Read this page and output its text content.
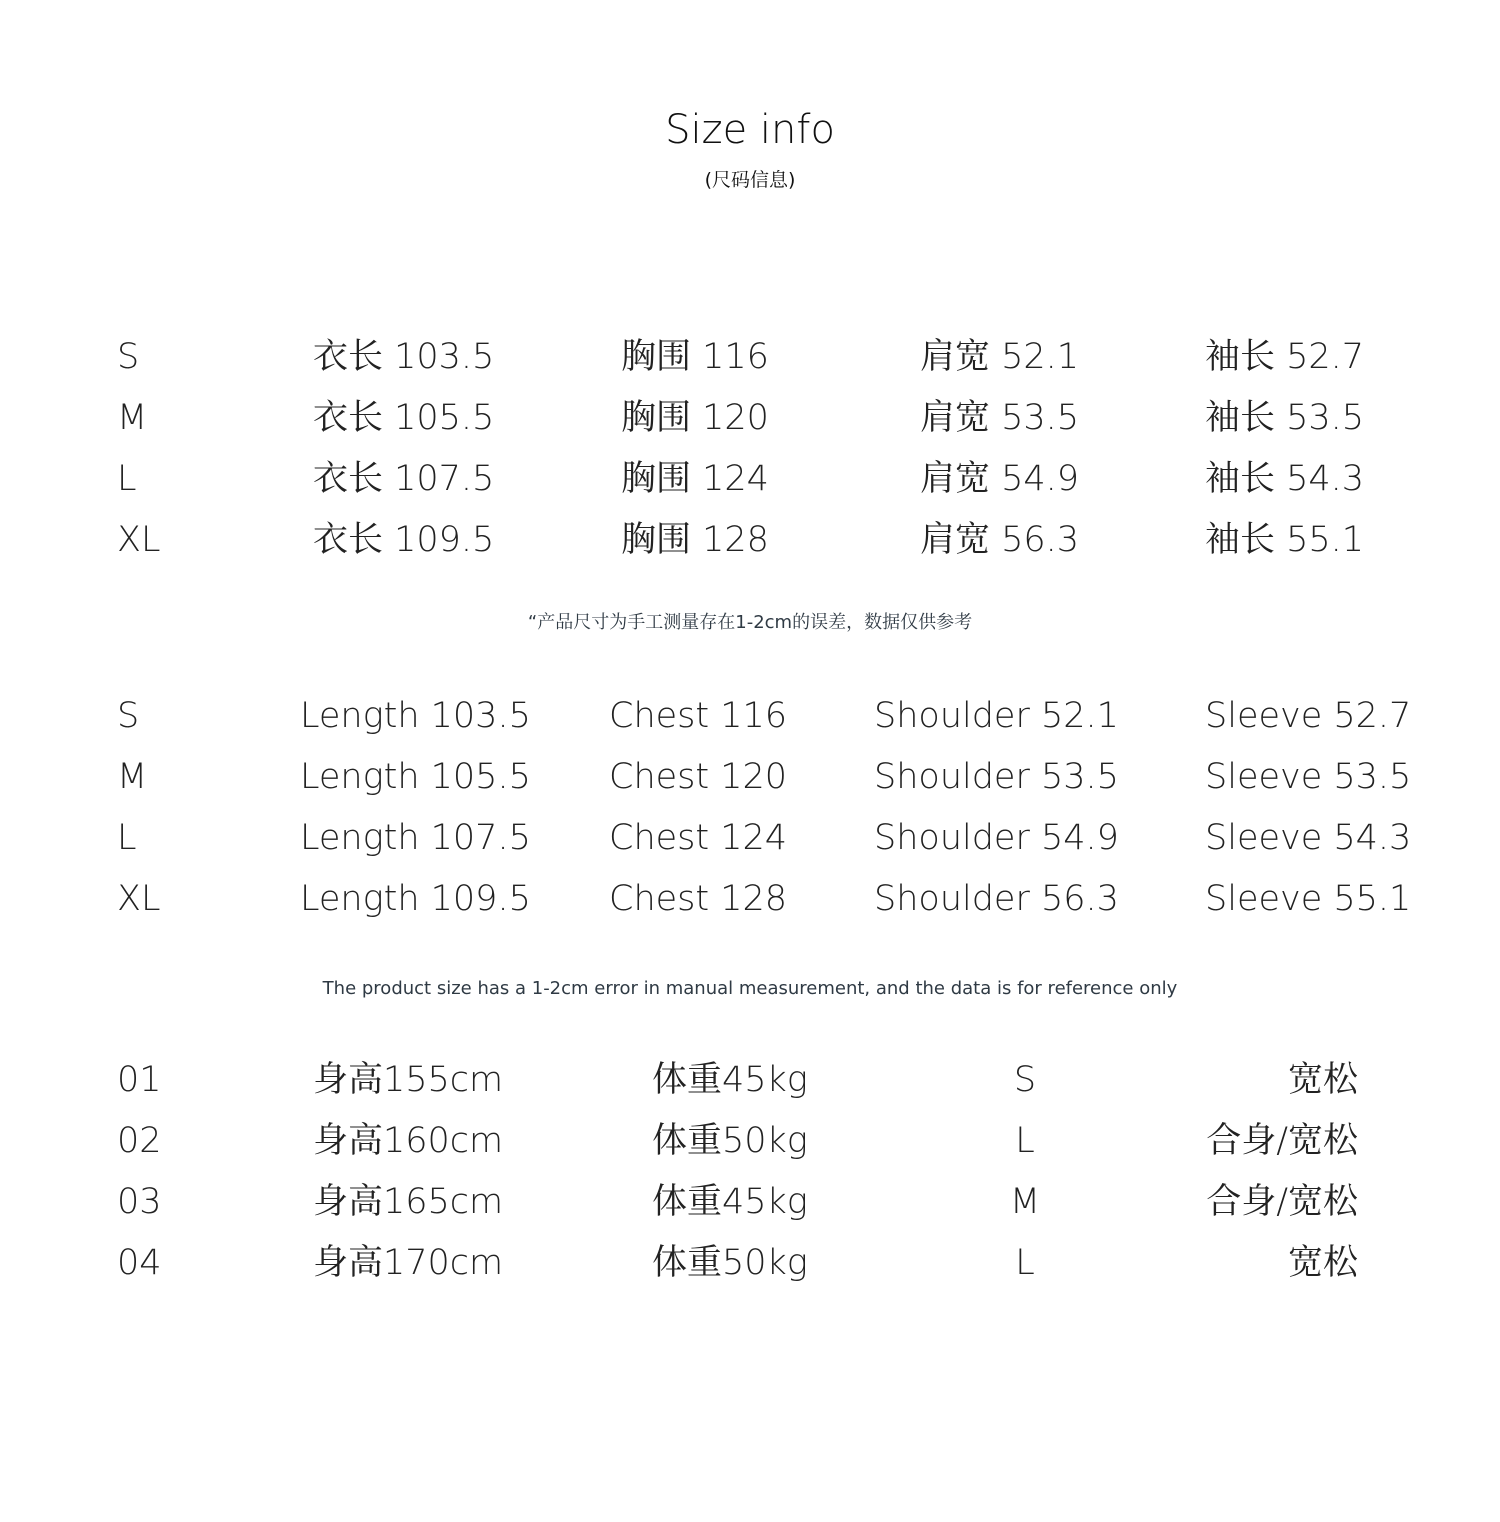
Size info
(尺码信息)
S	衣长 103.5	胸围 116	肩宽 52.1	袖长 52.7
M	衣长 105.5	胸围 120	肩宽 53.5	袖长 53.5
L	衣长 107.5	胸围 124	肩宽 54.9	袖长 54.3
XL	衣长 109.5	胸围 128	肩宽 56.3	袖长 55.1
“产品尺寸为手工测量存在1-2cm的误差，数据仅供参考
S	Length 103.5 Chest 116 Shoulder 52.1 Sleeve 52.7
M	Length 105.5 Chest 120 Shoulder 53.5 Sleeve 53.5
L	Length 107.5 Chest 124 Shoulder 54.9 Sleeve 54.3
XL	Length 109.5 Chest 128 Shoulder 56.3 Sleeve 55.1
The product size has a 1-2cm error in manual measurement, and the data is for reference only
01	身高155cm	体重45kg	S	宽松
02	身高160cm	体重50kg	L	合身/宽松
03	身高165cm	体重45kg	M	合身/宽松
04	身高170cm	体重50kg	L	宽松
